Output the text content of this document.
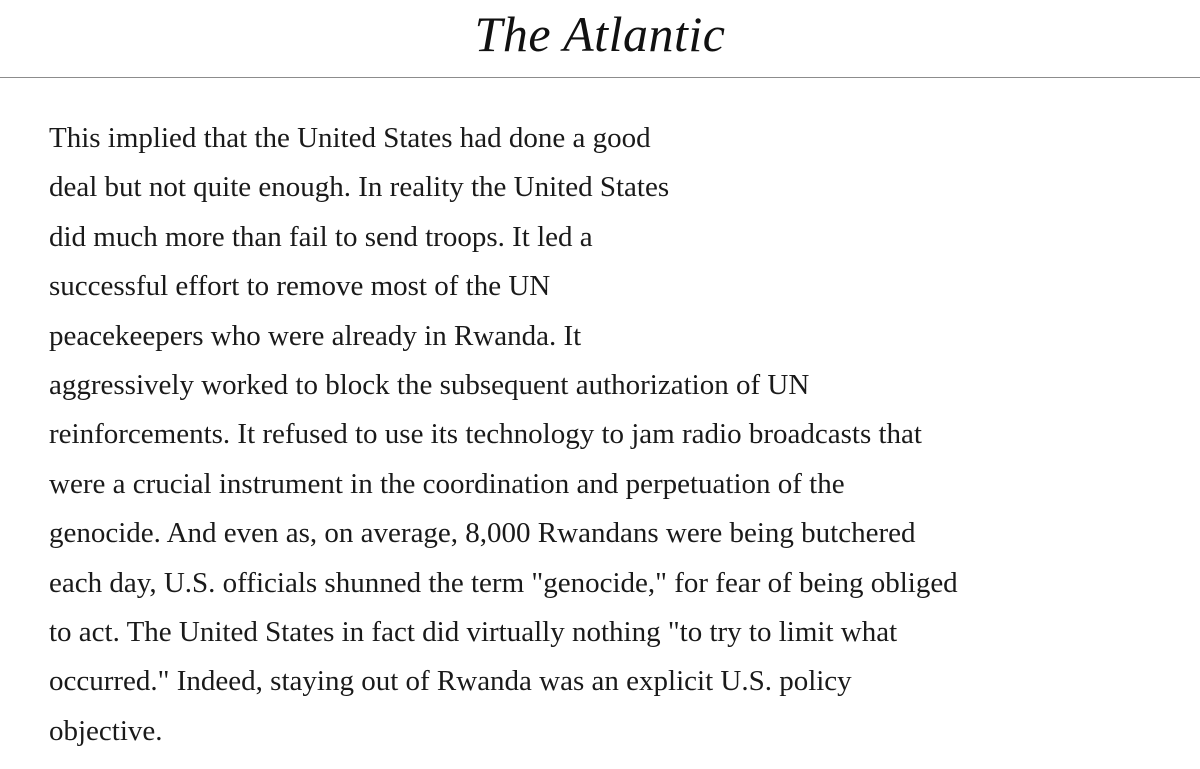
The Atlantic
This implied that the United States had done a good
deal but not quite enough. In reality the United States
did much more than fail to send troops. It led a
successful effort to remove most of the UN
peacekeepers who were already in Rwanda. It
aggressively worked to block the subsequent authorization of UN
reinforcements. It refused to use its technology to jam radio broadcasts that
were a crucial instrument in the coordination and perpetuation of the
genocide. And even as, on average, 8,000 Rwandans were being butchered
each day, U.S. officials shunned the term "genocide," for fear of being obliged
to act. The United States in fact did virtually nothing "to try to limit what
occurred." Indeed, staying out of Rwanda was an explicit U.S. policy
objective.
